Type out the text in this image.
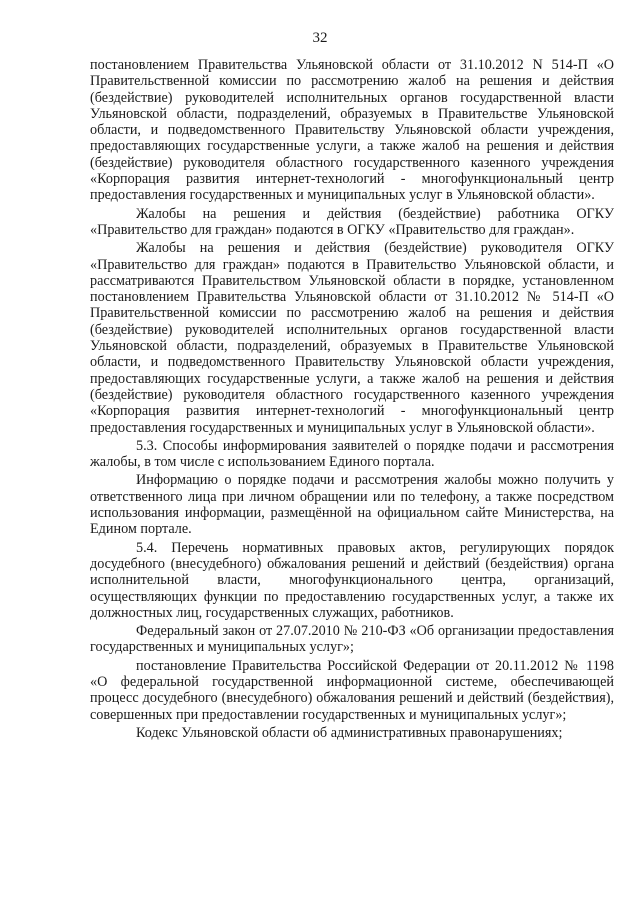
32

постановлением Правительства Ульяновской области от 31.10.2012 N 514-П «О Правительственной комиссии по рассмотрению жалоб на решения и действия (бездействие) руководителей исполнительных органов государственной власти Ульяновской области, подразделений, образуемых в Правительстве Ульяновской области, и подведомственного Правительству Ульяновской области учреждения, предоставляющих государственные услуги, а также жалоб на решения и действия (бездействие) руководителя областного государственного казенного учреждения «Корпорация развития интернет-технологий - многофункциональный центр предоставления государственных и муниципальных услуг в Ульяновской области».

Жалобы на решения и действия (бездействие) работника ОГКУ «Правительство для граждан» подаются в ОГКУ «Правительство для граждан».

Жалобы на решения и действия (бездействие) руководителя ОГКУ «Правительство для граждан» подаются в Правительство Ульяновской области, и рассматриваются Правительством Ульяновской области в порядке, установленном постановлением Правительства Ульяновской области от 31.10.2012 № 514-П «О Правительственной комиссии по рассмотрению жалоб на решения и действия (бездействие) руководителей исполнительных органов государственной власти Ульяновской области, подразделений, образуемых в Правительстве Ульяновской области, и подведомственного Правительству Ульяновской области учреждения, предоставляющих государственные услуги, а также жалоб на решения и действия (бездействие) руководителя областного государственного казенного учреждения «Корпорация развития интернет-технологий - многофункциональный центр предоставления государственных и муниципальных услуг в Ульяновской области».

5.3. Способы информирования заявителей о порядке подачи и рассмотрения жалобы, в том числе с использованием Единого портала.

Информацию о порядке подачи и рассмотрения жалобы можно получить у ответственного лица при личном обращении или по телефону, а также посредством использования информации, размещённой на официальном сайте Министерства, на Едином портале.

5.4. Перечень нормативных правовых актов, регулирующих порядок досудебного (внесудебного) обжалования решений и действий (бездействия) органа исполнительной власти, многофункционального центра, организаций, осуществляющих функции по предоставлению государственных услуг, а также их должностных лиц, государственных служащих, работников.

Федеральный закон от 27.07.2010 № 210-ФЗ «Об организации предоставления государственных и муниципальных услуг»;

постановление Правительства Российской Федерации от 20.11.2012 № 1198 «О федеральной государственной информационной системе, обеспечивающей процесс досудебного (внесудебного) обжалования решений и действий (бездействия), совершенных при предоставлении государственных и муниципальных услуг»;

Кодекс Ульяновской области об административных правонарушениях;
